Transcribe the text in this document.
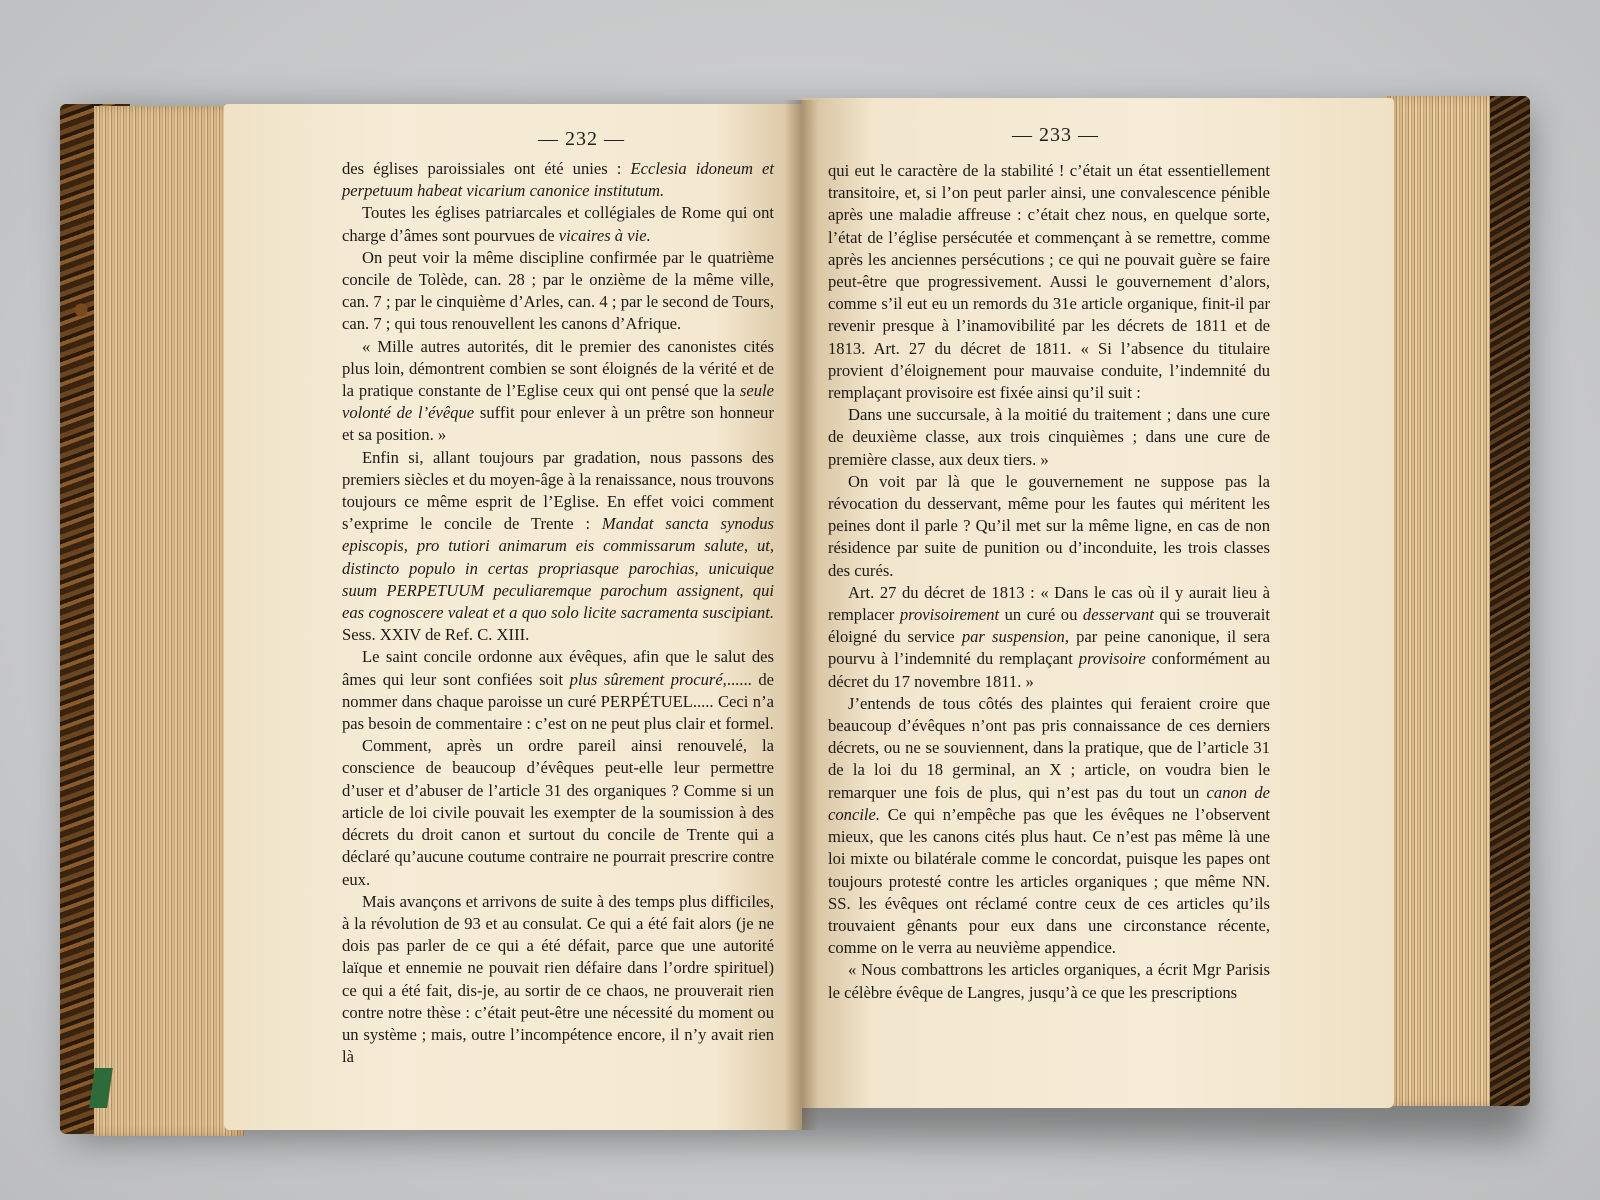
— 232 —	— 233 —

des églises paroissiales ont été unies : Ecclesia idoneum et perpetuum habeat vicarium canonice institutum.

Toutes les églises patriarcales et collégiales de Rome qui ont charge d’âmes sont pourvues de vicaires à vie.

On peut voir la même discipline confirmée par le quatrième concile de Tolède, can. 28 ; par le onzième de la même ville, can. 7 ; par le cinquième d’Arles, can. 4 ; par le second de Tours, can. 7 ; qui tous renouvellent les canons d’Afrique.

« Mille autres autorités, dit le premier des canonistes cités plus loin, démontrent combien se sont éloignés de la vérité et de la pratique constante de l’Eglise ceux qui ont pensé que la seule volonté de l’évêque suffit pour enlever à un prêtre son honneur et sa position. »

Enfin si, allant toujours par gradation, nous passons des premiers siècles et du moyen-âge à la renaissance, nous trouvons toujours ce même esprit de l’Eglise. En effet voici comment s’exprime le concile de Trente : Mandat sancta synodus episcopis, pro tutiori animarum eis commissarum salute, ut, distincto populo in certas propriasque parochias, unicuique suum PERPETUUM peculiaremque parochum assignent, qui eas cognoscere valeat et a quo solo licite sacramenta suscipiant. Sess. XXIV de Ref. C. XIII.

Le saint concile ordonne aux évêques, afin que le salut des âmes qui leur sont confiées soit plus sûrement procuré,...... de nommer dans chaque paroisse un curé PERPÉTUEL..... Ceci n’a pas besoin de commentaire : c’est on ne peut plus clair et formel.

Comment, après un ordre pareil ainsi renouvelé, la conscience de beaucoup d’évêques peut-elle leur permettre d’user et d’abuser de l’article 31 des organiques ? Comme si un article de loi civile pouvait les exempter de la soumission à des décrets du droit canon et surtout du concile de Trente qui a déclaré qu’aucune coutume contraire ne pourrait prescrire contre eux.

Mais avançons et arrivons de suite à des temps plus difficiles, à la révolution de 93 et au consulat. Ce qui a été fait alors (je ne dois pas parler de ce qui a été défait, parce que une autorité laïque et ennemie ne pouvait rien défaire dans l’ordre spirituel) ce qui a été fait, dis-je, au sortir de ce chaos, ne prouverait rien contre notre thèse : c’était peut-être une nécessité du moment ou un système ; mais, outre l’incompétence encore, il n’y avait rien là

qui eut le caractère de la stabilité ! c’était un état essentiellement transitoire, et, si l’on peut parler ainsi, une convalescence pénible après une maladie affreuse : c’était chez nous, en quelque sorte, l’état de l’église persécutée et commençant à se remettre, comme après les anciennes persécutions ; ce qui ne pouvait guère se faire peut-être que progressivement. Aussi le gouvernement d’alors, comme s’il eut eu un remords du 31e article organique, finit-il par revenir presque à l’inamovibilité par les décrets de 1811 et de 1813. Art. 27 du décret de 1811. « Si l’absence du titulaire provient d’éloignement pour mauvaise conduite, l’indemnité du remplaçant provisoire est fixée ainsi qu’il suit :

Dans une succursale, à la moitié du traitement ; dans une cure de deuxième classe, aux trois cinquièmes ; dans une cure de première classe, aux deux tiers. »

On voit par là que le gouvernement ne suppose pas la révocation du desservant, même pour les fautes qui méritent les peines dont il parle ? Qu’il met sur la même ligne, en cas de non résidence par suite de punition ou d’inconduite, les trois classes des curés.

Art. 27 du décret de 1813 : « Dans le cas où il y aurait lieu à remplacer provisoirement un curé ou desservant qui se trouverait éloigné du service par suspension, par peine canonique, il sera pourvu à l’indemnité du remplaçant provisoire conformément au décret du 17 novembre 1811. »

J’entends de tous côtés des plaintes qui feraient croire que beaucoup d’évêques n’ont pas pris connaissance de ces derniers décrets, ou ne se souviennent, dans la pratique, que de l’article 31 de la loi du 18 germinal, an X ; article, on voudra bien le remarquer une fois de plus, qui n’est pas du tout un canon de concile. Ce qui n’empêche pas que les évêques ne l’observent mieux, que les canons cités plus haut. Ce n’est pas même là une loi mixte ou bilatérale comme le concordat, puisque les papes ont toujours protesté contre les articles organiques ; que même NN. SS. les évêques ont réclamé contre ceux de ces articles qu’ils trouvaient gênants pour eux dans une circonstance récente, comme on le verra au neuvième appendice.

« Nous combattrons les articles organiques, a écrit Mgr Parisis le célèbre évêque de Langres, jusqu’à ce que les prescriptions
